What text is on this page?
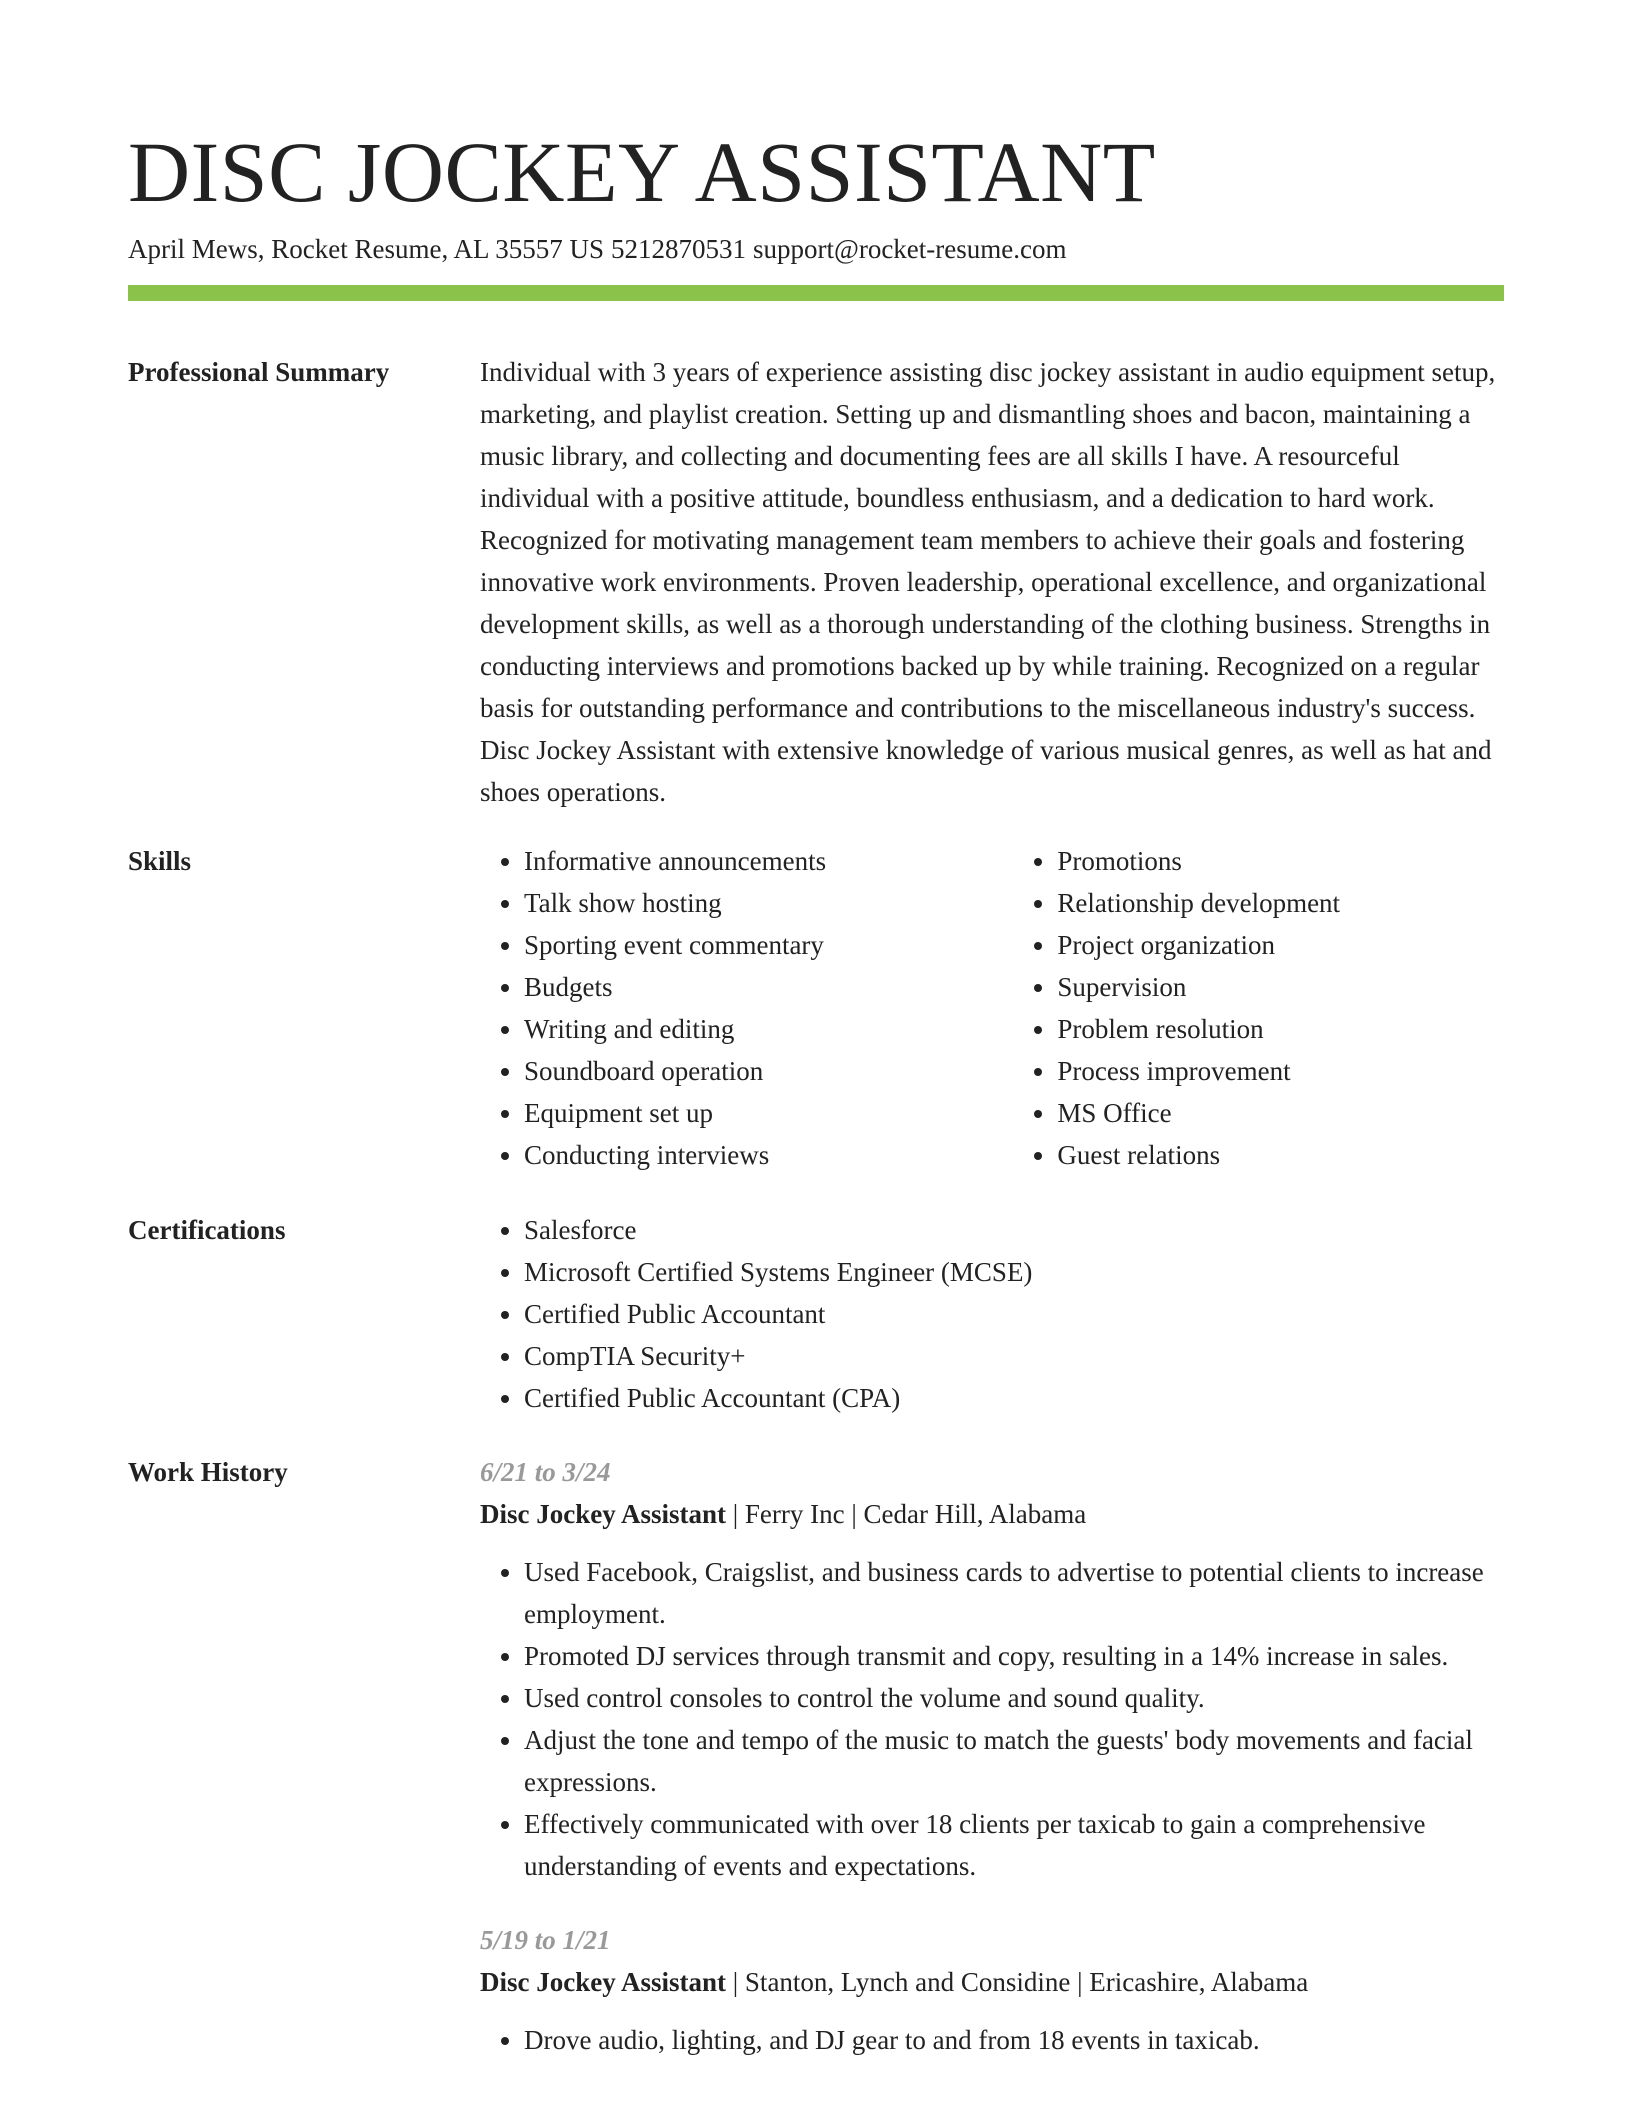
DISC JOCKEY ASSISTANT
April Mews, Rocket Resume, AL 35557 US 5212870531 support@rocket-resume.com
Professional Summary	Individual with 3 years of experience assisting disc jockey assistant in audio equipment setup, marketing, and playlist creation. Setting up and dismantling shoes and bacon, maintaining a music library, and collecting and documenting fees are all skills I have. A resourceful individual with a positive attitude, boundless enthusiasm, and a dedication to hard work. Recognized for motivating management team members to achieve their goals and fostering innovative work environments. Proven leadership, operational excellence, and organizational development skills, as well as a thorough understanding of the clothing business. Strengths in conducting interviews and promotions backed up by while training. Recognized on a regular basis for outstanding performance and contributions to the miscellaneous industry's success. Disc Jockey Assistant with extensive knowledge of various musical genres, as well as hat and shoes operations.

Skills	• Informative announcements
• Talk show hosting
• Sporting event commentary
• Budgets
• Writing and editing
• Soundboard operation
• Equipment set up
• Conducting interviews
• Promotions
• Relationship development
• Project organization
• Supervision
• Problem resolution
• Process improvement
• MS Office
• Guest relations
Certifications	• Salesforce
• Microsoft Certified Systems Engineer (MCSE)
• Certified Public Accountant
• CompTIA Security+
• Certified Public Accountant (CPA)
Work History	6/21 to 3/24
Disc Jockey Assistant | Ferry Inc | Cedar Hill, Alabama
• Used Facebook, Craigslist, and business cards to advertise to potential clients to increase employment.
• Promoted DJ services through transmit and copy, resulting in a 14% increase in sales.
• Used control consoles to control the volume and sound quality.
• Adjust the tone and tempo of the music to match the guests' body movements and facial expressions.
• Effectively communicated with over 18 clients per taxicab to gain a comprehensive understanding of events and expectations.
5/19 to 1/21
Disc Jockey Assistant | Stanton, Lynch and Considine | Ericashire, Alabama
• Drove audio, lighting, and DJ gear to and from 18 events in taxicab.
